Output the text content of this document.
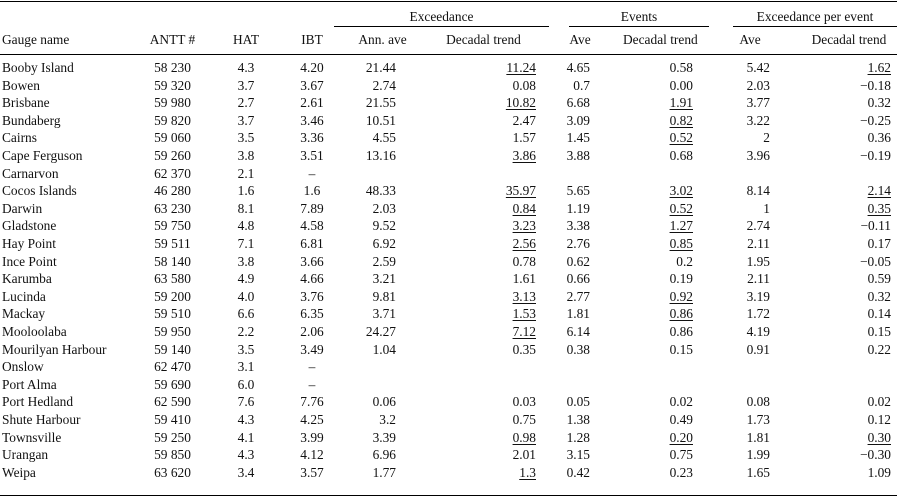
Exceedance	Events	Exceedance per event
Gauge name	ANTT #	HAT	IBT	Ann. ave	Decadal trend	Ave	Decadal trend	Ave	Decadal trend
Booby Island	58 230	4.3	4.20	21.44	11.24	4.65	0.58	5.42	1.62
Bowen	59 320	3.7	3.67	2.74	0.08	0.7	0.00	2.03	−0.18
Brisbane	59 980	2.7	2.61	21.55	10.82	6.68	1.91	3.77	0.32
Bundaberg	59 820	3.7	3.46	10.51	2.47	3.09	0.82	3.22	−0.25
Cairns	59 060	3.5	3.36	4.55	1.57	1.45	0.52	2	0.36
Cape Ferguson	59 260	3.8	3.51	13.16	3.86	3.88	0.68	3.96	−0.19
Carnarvon	62 370	2.1	–
Cocos Islands	46 280	1.6	1.6	48.33	35.97	5.65	3.02	8.14	2.14
Darwin	63 230	8.1	7.89	2.03	0.84	1.19	0.52	1	0.35
Gladstone	59 750	4.8	4.58	9.52	3.23	3.38	1.27	2.74	−0.11
Hay Point	59 511	7.1	6.81	6.92	2.56	2.76	0.85	2.11	0.17
Ince Point	58 140	3.8	3.66	2.59	0.78	0.62	0.2	1.95	−0.05
Karumba	63 580	4.9	4.66	3.21	1.61	0.66	0.19	2.11	0.59
Lucinda	59 200	4.0	3.76	9.81	3.13	2.77	0.92	3.19	0.32
Mackay	59 510	6.6	6.35	3.71	1.53	1.81	0.86	1.72	0.14
Mooloolaba	59 950	2.2	2.06	24.27	7.12	6.14	0.86	4.19	0.15
Mourilyan Harbour	59 140	3.5	3.49	1.04	0.35	0.38	0.15	0.91	0.22
Onslow	62 470	3.1	–
Port Alma	59 690	6.0	–
Port Hedland	62 590	7.6	7.76	0.06	0.03	0.05	0.02	0.08	0.02
Shute Harbour	59 410	4.3	4.25	3.2	0.75	1.38	0.49	1.73	0.12
Townsville	59 250	4.1	3.99	3.39	0.98	1.28	0.20	1.81	0.30
Urangan	59 850	4.3	4.12	6.96	2.01	3.15	0.75	1.99	−0.30
Weipa	63 620	3.4	3.57	1.77	1.3	0.42	0.23	1.65	1.09
